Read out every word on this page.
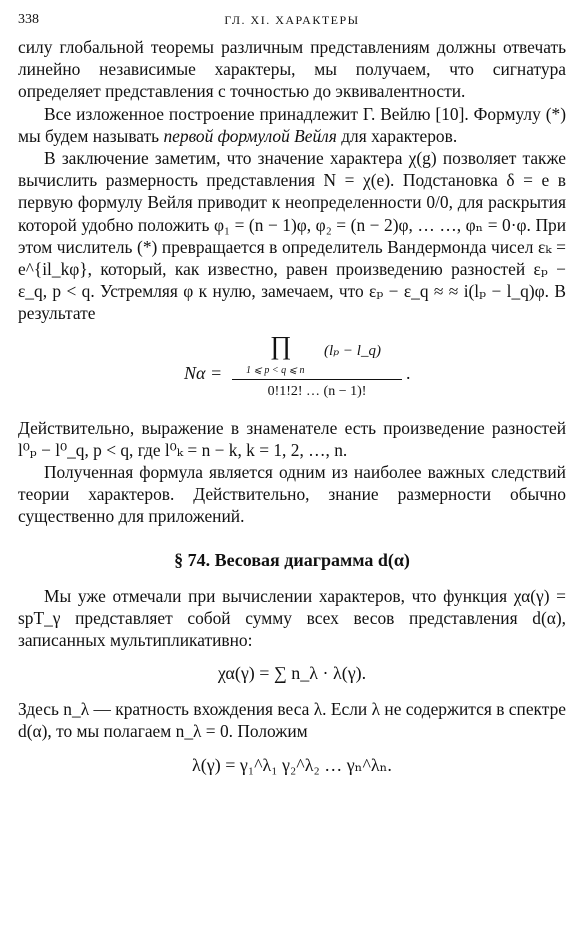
338	ГЛ. XI. ХАРАКТЕРЫ

силу глобальной теоремы различным представлениям должны отвечать линейно независимые характеры, мы получаем, что сигнатура определяет представления с точностью до эквивалентности.

Все изложенное построение принадлежит Г. Вейлю [10]. Формулу (*) мы будем называть первой формулой Вейля для характеров.

В заключение заметим, что значение характера χ(g) позволяет также вычислить размерность представления N = χ(e). Подстановка δ = e в первую формулу Вейля приводит к неопределенности 0/0, для раскрытия которой удобно положить φ₁ = (n − 1)φ, φ₂ = (n − 2)φ, … …, φₙ = 0·φ. При этом числитель (*) превращается в определитель Вандермонда чисел εₖ = e^{il_kφ}, который, как известно, равен произведению разностей εₚ − ε_q, p < q. Устремляя φ к нулю, замечаем, что εₚ − ε_q ≈ ≈ i(lₚ − l_q)φ. В результате

Nα =
∏ (lₚ − l_q)
1 ⩽ p < q ⩽ n
0!1!2! … (n − 1)!
.

Действительно, выражение в знаменателе есть произведение разностей l⁰ₚ − l⁰_q, p < q, где l⁰ₖ = n − k, k = 1, 2, …, n.

Полученная формула является одним из наиболее важных следствий теории характеров. Действительно, знание размерности обычно существенно для приложений.

§ 74. Весовая диаграмма d(α)

Мы уже отмечали при вычислении характеров, что функция χα(γ) = spT_γ представляет собой сумму всех весов представления d(α), записанных мультипликативно:

χα(γ) = ∑ n_λ · λ(γ).

Здесь n_λ — кратность вхождения веса λ. Если λ не содержится в спектре d(α), то мы полагаем n_λ = 0. Положим

λ(γ) = γ₁^λ₁ γ₂^λ₂ … γₙ^λₙ.
